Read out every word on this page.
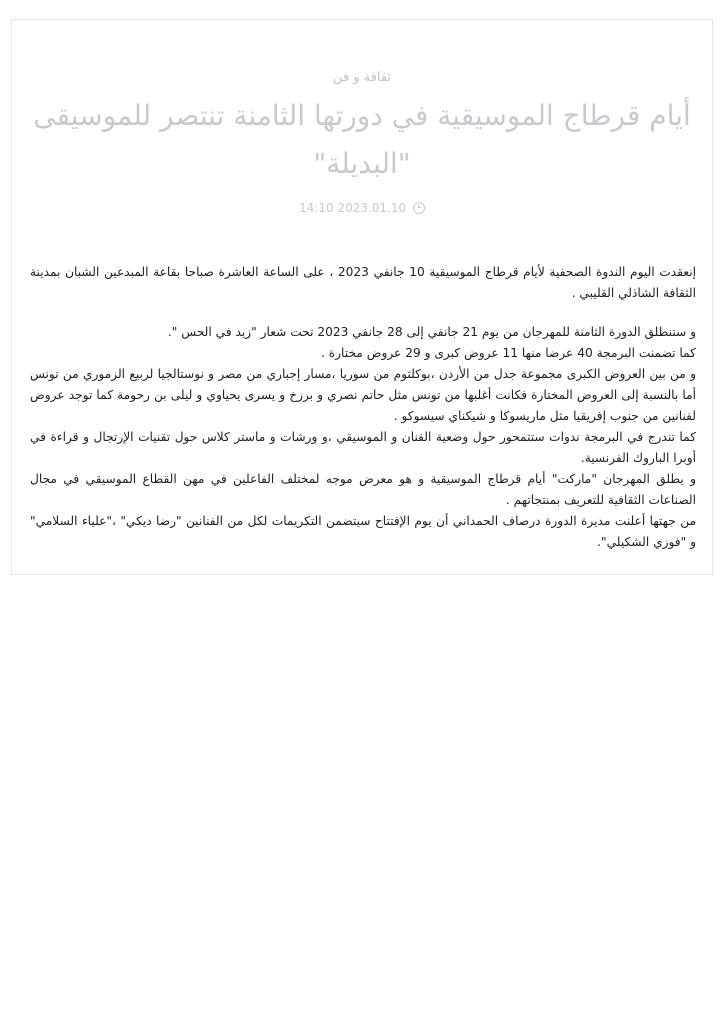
ثقافة و فن
أيام قرطاج الموسيقية في دورتها الثامنة تنتصر للموسيقى "البديلة"
14:10 2023.01.10

إنعقدت اليوم الندوة الصحفية لأيام قرطاج الموسيقية 10 جانفي 2023 ، على الساعة العاشرة صباحا بقاعة المبدعين الشبان بمدينة الثقافة الشاذلي القليبي .

و ستنطلق الدورة الثامنة للمهرجان من يوم 21 جانفي إلى 28 جانفي 2023 تحت شعار "زيد في الحس ".

كما تضمنت البرمجة 40 عرضا منها 11 عروض كبرى و 29 عروض مختارة .

و من بين العروض الكبرى مجموعة جدل من الأردن ،بوكلثوم من سوريا ،مسار إجباري من مصر و نوستالجيا لربيع الزموري من تونس أما بالنسبة إلى العروض المختارة فكانت أغلبها من تونس مثل حاتم نصري و برزخ و يسرى يحياوي و ليلى بن رحومة كما توجد عروض لفنانين من جنوب إفريقيا مثل ماريسوكا و شيكناي سيسوكو .

كما تندرج في البرمجة ندوات ستتمحور حول وضعية الفنان و الموسيقي ،و ورشات و ماستر كلاس حول تقنيات الإرتجال و قراءة في أوبرا الباروك الفرنسية.

و يطلق المهرجان "ماركت" أيام قرطاج الموسيقية و هو معرض موجه لمختلف الفاعلين في مهن القطاع الموسيقي في مجال الصناعات الثقافية للتعريف بمنتجاتهم .

من جهتها أعلنت مديرة الدورة درصاف الحمداني أن يوم الإفتتاح سيتضمن التكريمات لكل من الفنانين "رضا ديكي" ،"علياء السلامي" و "فوزي الشكيلي".
